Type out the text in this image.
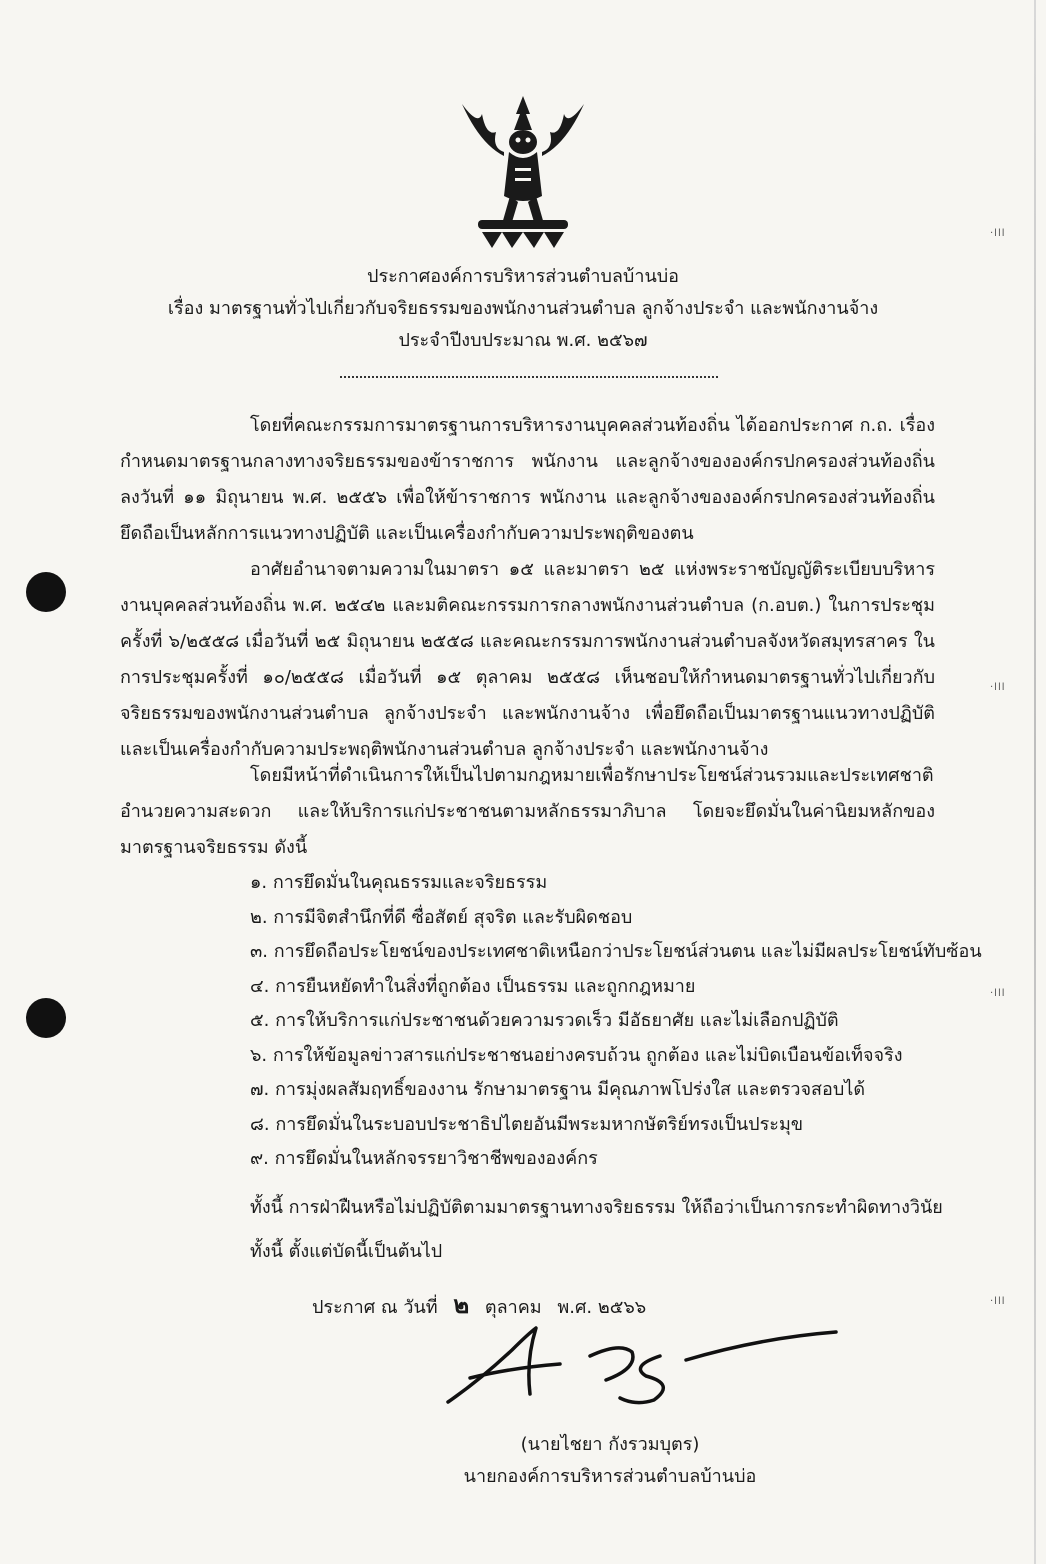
·lll
·lll
·lll
·lll
ประกาศองค์การบริหารส่วนตำบลบ้านบ่อ
เรื่อง มาตรฐานทั่วไปเกี่ยวกับจริยธรรมของพนักงานส่วนตำบล ลูกจ้างประจำ และพนักงานจ้าง
ประจำปีงบประมาณ พ.ศ. ๒๕๖๗
โดยที่คณะกรรมการมาตรฐานการบริหารงานบุคคลส่วนท้องถิ่น ได้ออกประกาศ ก.ถ. เรื่อง กำหนดมาตรฐานกลางทางจริยธรรมของข้าราชการ พนักงาน และลูกจ้างขององค์กรปกครองส่วนท้องถิ่น ลงวันที่ ๑๑ มิถุนายน พ.ศ. ๒๕๕๖ เพื่อให้ข้าราชการ พนักงาน และลูกจ้างขององค์กรปกครองส่วนท้องถิ่น ยึดถือเป็นหลักการแนวทางปฏิบัติ และเป็นเครื่องกำกับความประพฤติของตน
อาศัยอำนาจตามความในมาตรา ๑๕ และมาตรา ๒๕ แห่งพระราชบัญญัติระเบียบบริหารงานบุคคลส่วนท้องถิ่น พ.ศ. ๒๕๔๒ และมติคณะกรรมการกลางพนักงานส่วนตำบล (ก.อบต.) ในการประชุมครั้งที่ ๖/๒๕๕๘ เมื่อวันที่ ๒๕ มิถุนายน ๒๕๕๘ และคณะกรรมการพนักงานส่วนตำบลจังหวัดสมุทรสาคร ในการประชุมครั้งที่ ๑๐/๒๕๕๘ เมื่อวันที่ ๑๕ ตุลาคม ๒๕๕๘ เห็นชอบให้กำหนดมาตรฐานทั่วไปเกี่ยวกับจริยธรรมของพนักงานส่วนตำบล ลูกจ้างประจำ และพนักงานจ้าง เพื่อยึดถือเป็นมาตรฐานแนวทางปฏิบัติและเป็นเครื่องกำกับความประพฤติพนักงานส่วนตำบล ลูกจ้างประจำ และพนักงานจ้าง
โดยมีหน้าที่ดำเนินการให้เป็นไปตามกฎหมายเพื่อรักษาประโยชน์ส่วนรวมและประเทศชาติ อำนวยความสะดวก และให้บริการแก่ประชาชนตามหลักธรรมาภิบาล โดยจะยึดมั่นในค่านิยมหลักของมาตรฐานจริยธรรม ดังนี้
๑. การยึดมั่นในคุณธรรมและจริยธรรม
๒. การมีจิตสำนึกที่ดี ซื่อสัตย์ สุจริต และรับผิดชอบ
๓. การยึดถือประโยชน์ของประเทศชาติเหนือกว่าประโยชน์ส่วนตน และไม่มีผลประโยชน์ทับซ้อน
๔. การยืนหยัดทำในสิ่งที่ถูกต้อง เป็นธรรม และถูกกฎหมาย
๕. การให้บริการแก่ประชาชนด้วยความรวดเร็ว มีอัธยาศัย และไม่เลือกปฏิบัติ
๖. การให้ข้อมูลข่าวสารแก่ประชาชนอย่างครบถ้วน ถูกต้อง และไม่บิดเบือนข้อเท็จจริง
๗. การมุ่งผลสัมฤทธิ์ของงาน รักษามาตรฐาน มีคุณภาพโปร่งใส และตรวจสอบได้
๘. การยึดมั่นในระบอบประชาธิปไตยอันมีพระมหากษัตริย์ทรงเป็นประมุข
๙. การยึดมั่นในหลักจรรยาวิชาชีพขององค์กร
ทั้งนี้ การฝ่าฝืนหรือไม่ปฏิบัติตามมาตรฐานทางจริยธรรม ให้ถือว่าเป็นการกระทำผิดทางวินัย
ทั้งนี้ ตั้งแต่บัดนี้เป็นต้นไป
ประกาศ ณ วันที่ ๒ ตุลาคม พ.ศ. ๒๕๖๖
(นายไชยา กังรวมบุตร)
นายกองค์การบริหารส่วนตำบลบ้านบ่อ
